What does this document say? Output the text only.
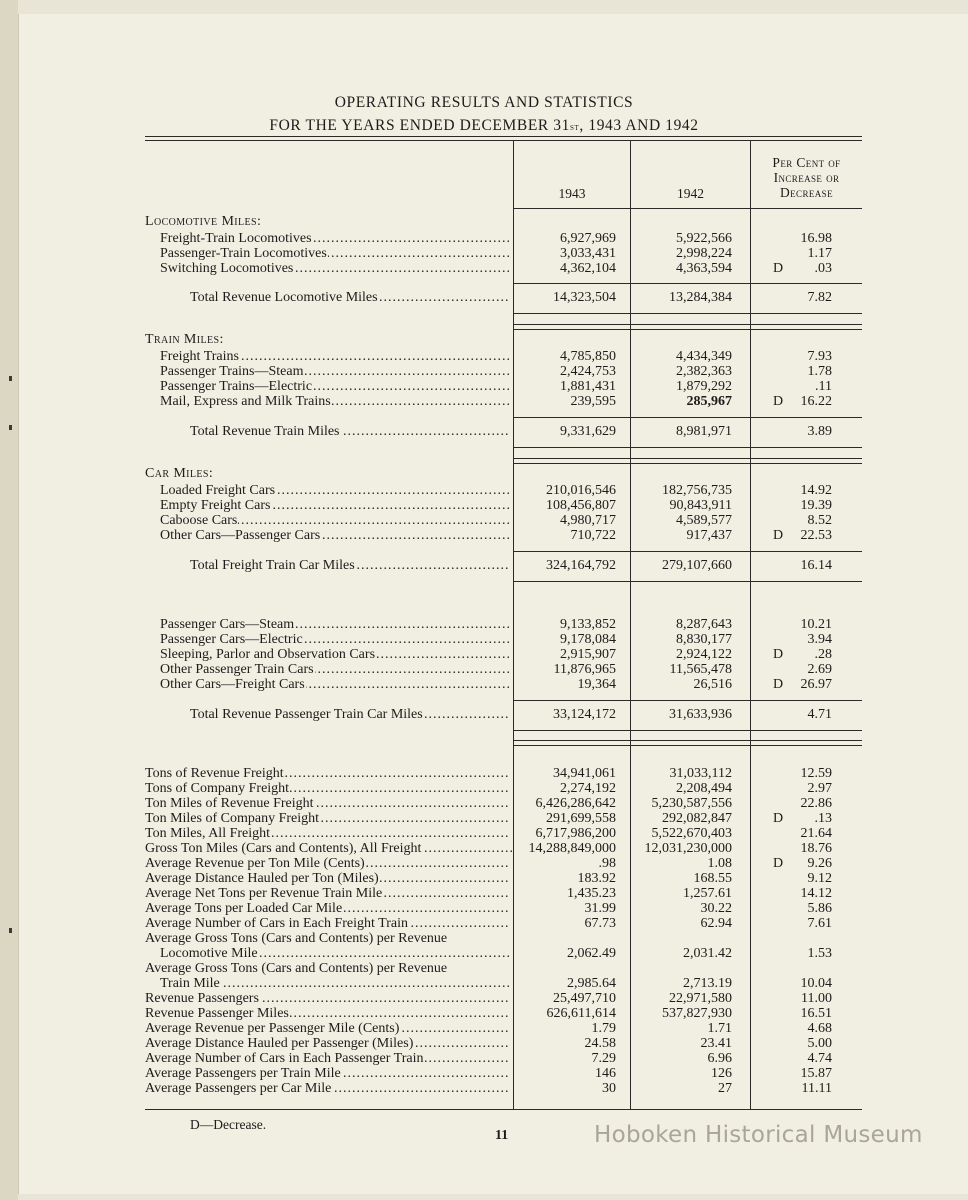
OPERATING RESULTS AND STATISTICS
FOR THE YEARS ENDED DECEMBER 31st, 1943 AND 1942
1943	1942
Per Cent of
Increase or
Decrease
Locomotive Miles:
Freight-Train Locomotives .....	6,927,969	5,922,566	16.98
Passenger-Train Locomotives .....	3,033,431	2,998,224	1.17
Switching Locomotives .....	4,362,104	4,363,594	D	.03
Total Revenue Locomotive Miles .....	14,323,504	13,284,384	7.82
Train Miles:
Freight Trains .....	4,785,850	4,434,349	7.93
Passenger Trains—Steam .....	2,424,753	2,382,363	1.78
Passenger Trains—Electric .....	1,881,431	1,879,292	.11
Mail, Express and Milk Trains .....	239,595	285,967	D	16.22
Total Revenue Train Miles .....	9,331,629	8,981,971	3.89
Car Miles:
Loaded Freight Cars .....	210,016,546	182,756,735	14.92
Empty Freight Cars .....	108,456,807	90,843,911	19.39
Caboose Cars .....	4,980,717	4,589,577	8.52
Other Cars—Passenger Cars .....	710,722	917,437	D	22.53
Total Freight Train Car Miles .....	324,164,792	279,107,660	16.14
Passenger Cars—Steam .....	9,133,852	8,287,643	10.21
Passenger Cars—Electric .....	9,178,084	8,830,177	3.94
Sleeping, Parlor and Observation Cars .....	2,915,907	2,924,122	D	.28
Other Passenger Train Cars .....	11,876,965	11,565,478	2.69
Other Cars—Freight Cars .....	19,364	26,516	D	26.97
Total Revenue Passenger Train Car Miles .....	33,124,172	31,633,936	4.71
Tons of Revenue Freight .....	34,941,061	31,033,112	12.59
Tons of Company Freight .....	2,274,192	2,208,494	2.97
Ton Miles of Revenue Freight .....	6,426,286,642	5,230,587,556	22.86
Ton Miles of Company Freight .....	291,699,558	292,082,847	D	.13
Ton Miles, All Freight .....	6,717,986,200	5,522,670,403	21.64
Gross Ton Miles (Cars and Contents), All Freight .....	14,288,849,000	12,031,230,000	18.76
Average Revenue per Ton Mile (Cents) .....	.98	1.08	D	9.26
Average Distance Hauled per Ton (Miles) .....	183.92	168.55	9.12
Average Net Tons per Revenue Train Mile .....	1,435.23	1,257.61	14.12
Average Tons per Loaded Car Mile .....	31.99	30.22	5.86
Average Number of Cars in Each Freight Train .....	67.73	62.94	7.61
Average Gross Tons (Cars and Contents) per Revenue
Locomotive Mile .....	2,062.49	2,031.42	1.53
Average Gross Tons (Cars and Contents) per Revenue
Train Mile .....	2,985.64	2,713.19	10.04
Revenue Passengers .....	25,497,710	22,971,580	11.00
Revenue Passenger Miles .....	626,611,614	537,827,930	16.51
Average Revenue per Passenger Mile (Cents) .....	1.79	1.71	4.68
Average Distance Hauled per Passenger (Miles) .....	24.58	23.41	5.00
Average Number of Cars in Each Passenger Train .....	7.29	6.96	4.74
Average Passengers per Train Mile .....	146	126	15.87
Average Passengers per Car Mile .....	30	27	11.11
D—Decrease.
11	Hoboken Historical Museum
